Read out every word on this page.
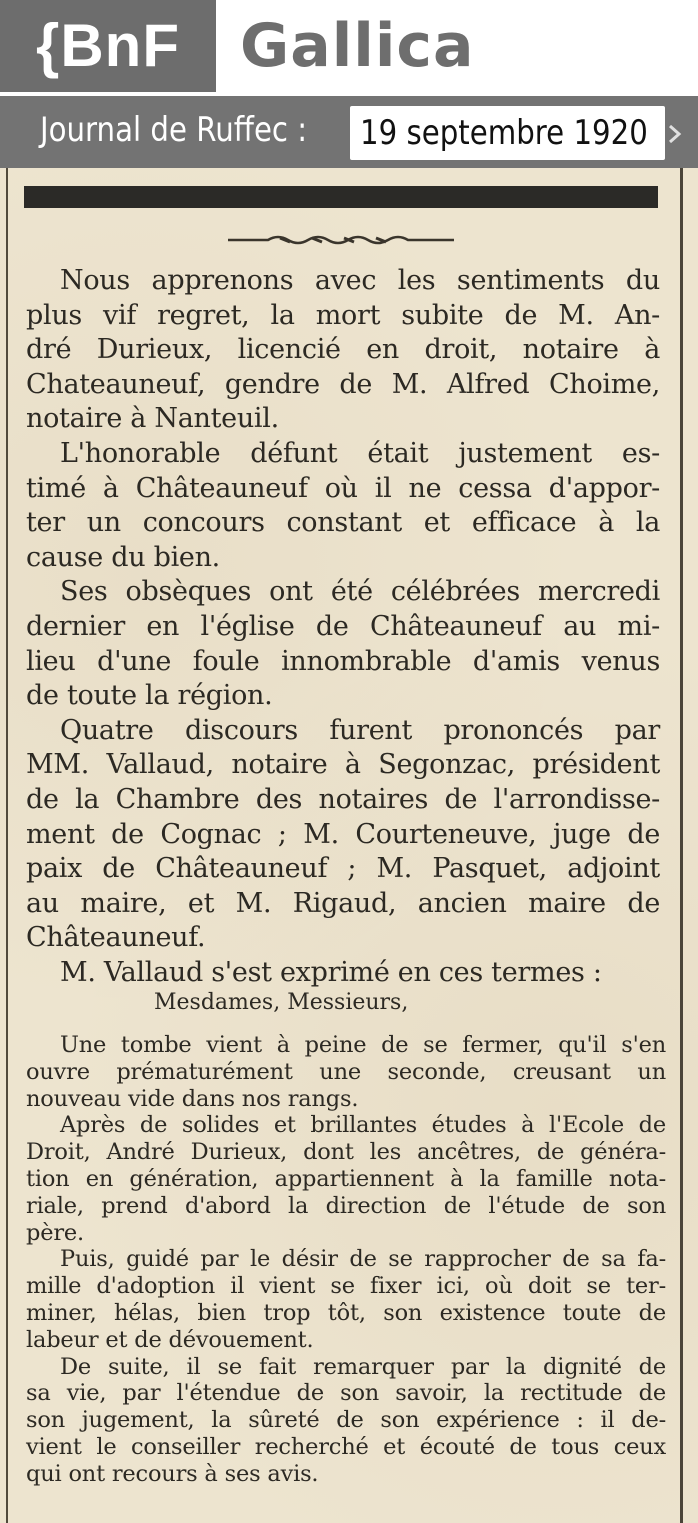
{BnF	Gallica
Journal de Ruffec : 19 septembre 1920

Nous apprenons avec les sentiments du
plus vif regret, la mort subite de M. An-
dré Durieux, licencié en droit, notaire à
Chateauneuf, gendre de M. Alfred Choime,
notaire à Nanteuil.

L'honorable défunt était justement es-
timé à Châteauneuf où il ne cessa d'appor-
ter un concours constant et efficace à la
cause du bien.

Ses obsèques ont été célébrées mercredi
dernier en l'église de Châteauneuf au mi-
lieu d'une foule innombrable d'amis venus
de toute la région.

Quatre discours furent prononcés par
MM. Vallaud, notaire à Segonzac, président
de la Chambre des notaires de l'arrondisse-
ment de Cognac ; M. Courteneuve, juge de
paix de Châteauneuf ; M. Pasquet, adjoint
au maire, et M. Rigaud, ancien maire de
Châteauneuf.

M. Vallaud s'est exprimé en ces termes :

Mesdames, Messieurs,

Une tombe vient à peine de se fermer, qu'il s'en
ouvre prématurément une seconde, creusant un
nouveau vide dans nos rangs.

Après de solides et brillantes études à l'Ecole de
Droit, André Durieux, dont les ancêtres, de généra-
tion en génération, appartiennent à la famille nota-
riale, prend d'abord la direction de l'étude de son
père.

Puis, guidé par le désir de se rapprocher de sa fa-
mille d'adoption il vient se fixer ici, où doit se ter-
miner, hélas, bien trop tôt, son existence toute de
labeur et de dévouement.

De suite, il se fait remarquer par la dignité de
sa vie, par l'étendue de son savoir, la rectitude de
son jugement, la sûreté de son expérience : il de-
vient le conseiller recherché et écouté de tous ceux
qui ont recours à ses avis.
